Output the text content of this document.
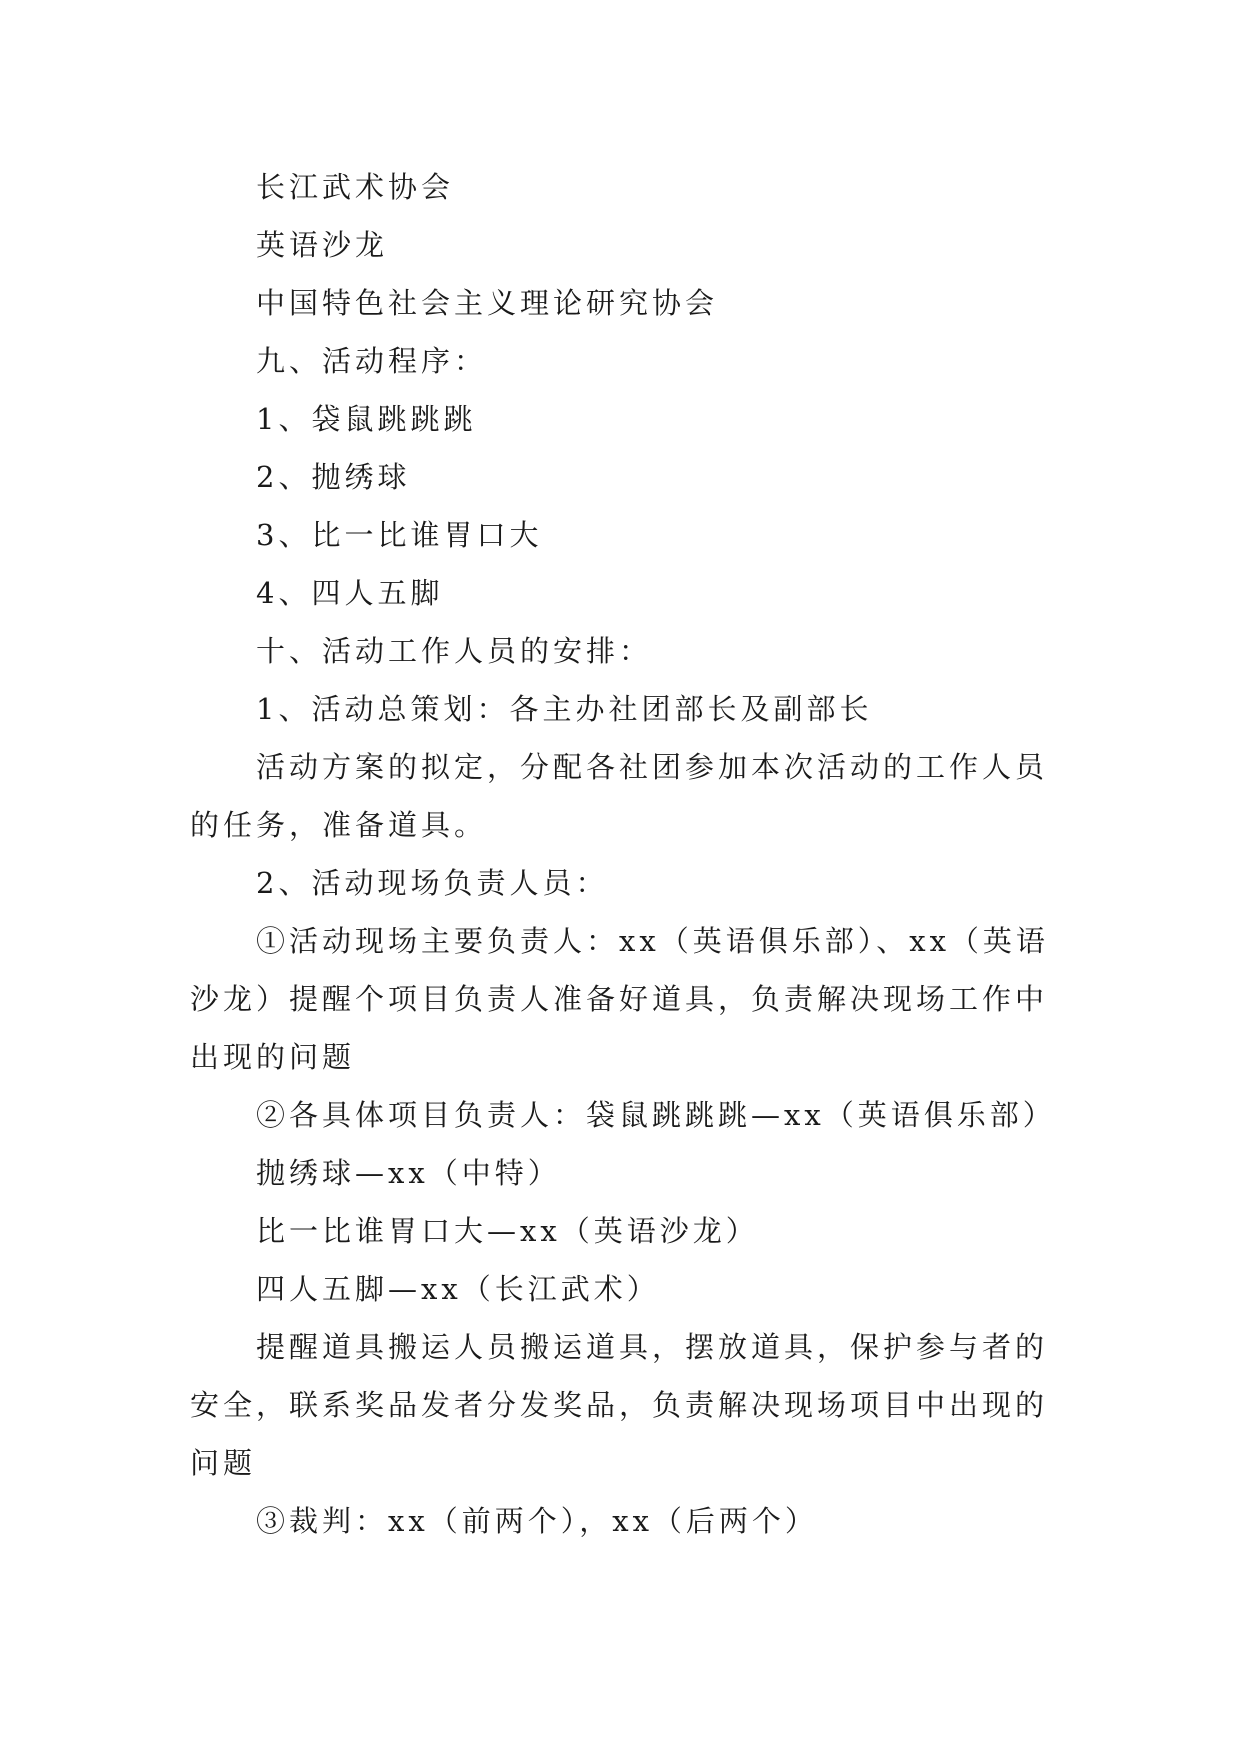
长江武术协会

英语沙龙

中国特色社会主义理论研究协会

九、活动程序：

1、袋鼠跳跳跳

2、抛绣球

3、比一比谁胃口大

4、四人五脚

十、活动工作人员的安排：

1、活动总策划：各主办社团部长及副部长

活动方案的拟定，分配各社团参加本次活动的工作人员的任务，准备道具。

2、活动现场负责人员：

①活动现场主要负责人：xx（英语俱乐部）、xx（英语沙龙）提醒个项目负责人准备好道具，负责解决现场工作中出现的问题

②各具体项目负责人：袋鼠跳跳跳—xx（英语俱乐部）

抛绣球—xx（中特）

比一比谁胃口大—xx（英语沙龙）

四人五脚—xx（长江武术）

提醒道具搬运人员搬运道具，摆放道具，保护参与者的安全，联系奖品发者分发奖品，负责解决现场项目中出现的问题

③裁判：xx（前两个），xx（后两个）
